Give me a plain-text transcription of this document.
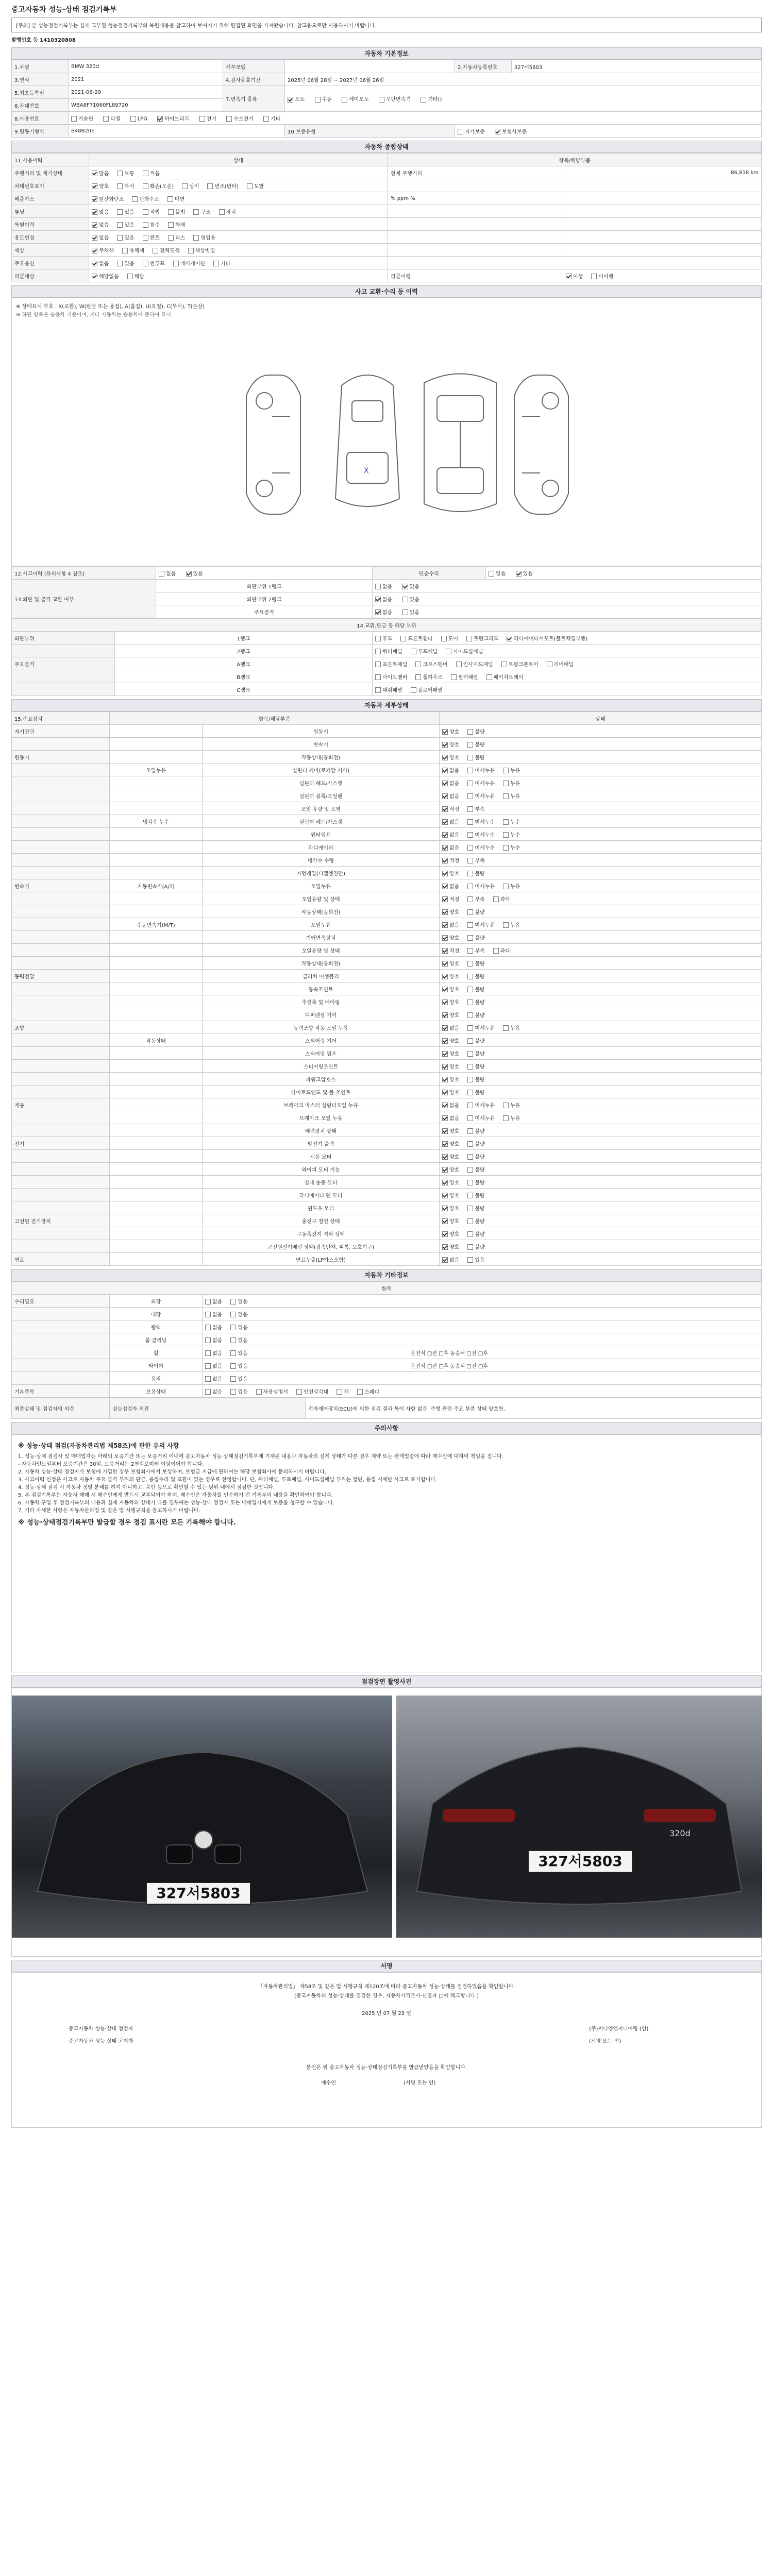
중고자동차 성능·상태 점검기록부
[주의] 본 성능점검기록부는 실제 교부된 성능점검기록부의 복원내용을 참고하여 보여지기 위해 편집된 화면을 가져왔습니다. 참고용으로만 사용하시기 바랍니다.
발행번호 등 1410320808
자동차 기본정보
1.차명	BMW 320d	세부모델		2.자동차등록번호	327서5803
3.연식	2021	4.검사유효기간	2025년 06월 28일 ~ 2027년 06월 26일		
5.최초등록일	2021-06-29	7.변속기 종류	오토 수동 세미오토 무단변속기 기타()		
6.차대번호	WBA8F71060FL89720				
8.사용연료	가솔린 디젤 LPG 하이브리드 전기 수소전기 기타				
9.원동기형식	B48B20E		10.보증유형	자가보증 보험사보증	
자동차 종합상태
11.사용이력	상태	항목/해당부품	
주행거리 및 계기상태	많음 보통 적음	현재 주행거리	86,818 km
차대번호표기	양호 부식 훼손(오손) 상이 변조(변타) 도말		
배출가스	일산화탄소 탄화수소 매연	% ppm %	
튜닝	없음 있음 적법 불법 구조 장치		
특별이력	없음 있음 침수 화재		
용도변경	없음 있음 렌트 리스 영업용		
색상	무채색 유채색 전체도색 색상변경		
주요옵션	없음 있음 썬루프 네비게이션 기타		
리콜대상	해당없음 해당	리콜이행	이행 미이행
사고 교환·수리 등 이력
※ 상태표시 부호 : X(교환), W(판금 또는 용접), A(흠집), U(요철), C(부식), T(손상)
※ 하단 항목은 승용차 기준이며, 기타 자동차는 승용차에 준하여 표시
X
12.사고이력 (유의사항 4 참조)	없음 있음	단순수리	없음 있음
13.외판 및 골격 교환 여부	외판부위 1랭크	없음 있음	
	외판부위 2랭크	없음 있음	
	주요골격	없음 있음	
14.교환,판금 등 해당 부위		
외판부위	1랭크	후드 프론트휀더 도어 트렁크리드 라디에이터서포트(볼트체결부품)
	2랭크	쿼터패널 루프패널 사이드실패널
주요골격	A랭크	프론트패널 크로스멤버 인사이드패널 트렁크플로어 리어패널
	B랭크	사이드멤버 휠하우스 필러패널 패키지트레이
	C랭크	대쉬패널 플로어패널
자동차 세부상태
15.주요장치	항목/해당부품		상태
자기진단		원동기	양호 불량
		변속기	양호 불량
원동기		작동상태(공회전)	양호 불량
	오일누유	실린더 커버(로커암 커버)	없음 미세누유 누유
		실린더 헤드/가스켓	없음 미세누유 누유
		실린더 블록/오일팬	없음 미세누유 누유
		오일 유량 및 오염	적정 부족
	냉각수 누수	실린더 헤드/가스켓	없음 미세누수 누수
		워터펌프	없음 미세누수 누수
		라디에이터	없음 미세누수 누수
		냉각수 수량	적정 부족
		커먼레일(디젤엔진만)	양호 불량
변속기	자동변속기(A/T)	오일누유	없음 미세누유 누유
		오일유량 및 상태	적정 부족 과다
		작동상태(공회전)	양호 불량
	수동변속기(M/T)	오일누유	없음 미세누유 누유
		기어변속장치	양호 불량
		오일유량 및 상태	적정 부족 과다
		작동상태(공회전)	양호 불량
동력전달		클러치 어셈블리	양호 불량
		등속조인트	양호 불량
		추진축 및 베어링	양호 불량
		디퍼렌셜 기어	양호 불량
조향		동력조향 작동 오일 누유	없음 미세누유 누유
	작동상태	스티어링 기어	양호 불량
		스티어링 펌프	양호 불량
		스티어링조인트	양호 불량
		파워고압호스	양호 불량
		타이로드엔드 및 볼 조인트	양호 불량
제동		브레이크 마스터 실린더오일 누유	없음 미세누유 누유
		브레이크 오일 누유	없음 미세누유 누유
		배력장치 상태	양호 불량
전기		발전기 출력	양호 불량
		시동 모터	양호 불량
		와이퍼 모터 기능	양호 불량
		실내 송풍 모터	양호 불량
		라디에이터 팬 모터	양호 불량
		윈도우 모터	양호 불량
고전원 전기장치		충전구 절연 상태	양호 불량
		구동축전지 격리 상태	양호 불량
		고전원전기배선 상태(접속단자, 피복, 보호기구)	양호 불량
연료		연료누출(LP가스포함)	없음 있음
자동차 기타정보
항목		
수리필요	외장	없음 있음
	내장	없음 있음
	광택	없음 있음
	룸 클리닝	없음 있음
	휠	없음 있음 운전석 □전 □후 동승석 □전 □후
	타이어	없음 있음 운전석 □전 □후 동승석 □전 □후
	유리	없음 있음
기본품목	보유상태	없음 있음 사용설명서 안전삼각대 잭 스패너
최종상태 및 점검자의 의견	성능점검자 의견	전자제어장치(ECU)에 의한 점검 결과 특이 사항 없음. 주행 관련 주요 부품 상태 양호함.
주의사항
※ 성능·상태 점검(자동차관리법 제58조)에 관한 유의 사항
1. 성능·상태 점검자 및 매매업자는 아래의 보증기간 또는 보증거리 이내에 중고자동차 성능·상태점검기록부에 기재된 내용과 자동차의 실제 상태가 다른 경우 계약 또는 관계법령에 따라 매수인에 대하여 책임을 집니다.
- 자동차인도일부터 보증기간은 30일, 보증거리는 2천킬로미터 이상이어야 합니다.
2. 자동차 성능·상태 점검자가 보험에 가입한 경우 보험회사에서 보상하며, 보험금 지급에 관하여는 해당 보험회사에 문의하시기 바랍니다.
3. 사고이력 인정은 사고로 자동차 주요 골격 부위의 판금, 용접수리 및 교환이 있는 경우로 한정합니다. 단, 쿼터패널, 루프패널, 사이드실패널 부위는 절단, 용접 시에만 사고로 표기합니다.
4. 성능·상태 점검 시 자동차 정밀 분해를 하지 아니하고, 육안 등으로 확인할 수 있는 범위 내에서 점검한 것입니다.
5. 본 점검기록부는 자동차 매매 시 매수인에게 반드시 교부되어야 하며, 매수인은 자동차를 인수하기 전 기록부의 내용을 확인하여야 합니다.
6. 자동차 구입 후 점검기록부의 내용과 실제 자동차의 상태가 다를 경우에는 성능·상태 점검자 또는 매매업자에게 보증을 청구할 수 있습니다.
7. 기타 자세한 사항은 자동차관리법 및 같은 법 시행규칙을 참고하시기 바랍니다.
※ 성능·상태점검기록부만 발급할 경우 점검 표시란 모든 기록해야 합니다.
점검장면 촬영사진
327서5803
320d
327서5803
서명

「자동차관리법」 제58조 및 같은 법 시행규칙 제120조에 따라 중고자동차 성능·상태를 점검하였음을 확인합니다.

(중고자동차의 성능·상태를 점검한 경우, 자동차가격조사·산정자 □에 체크합니다.)

2025 년 07 월 23 일

중고자동차 성능·상태 점검자	(주)씨디엠엔지니어링 (인)

중고자동차 성능·상태 고지자	(서명 또는 인)

본인은 위 중고자동차 성능·상태점검기록부를 발급받았음을 확인합니다.

매수인	(서명 또는 인)
